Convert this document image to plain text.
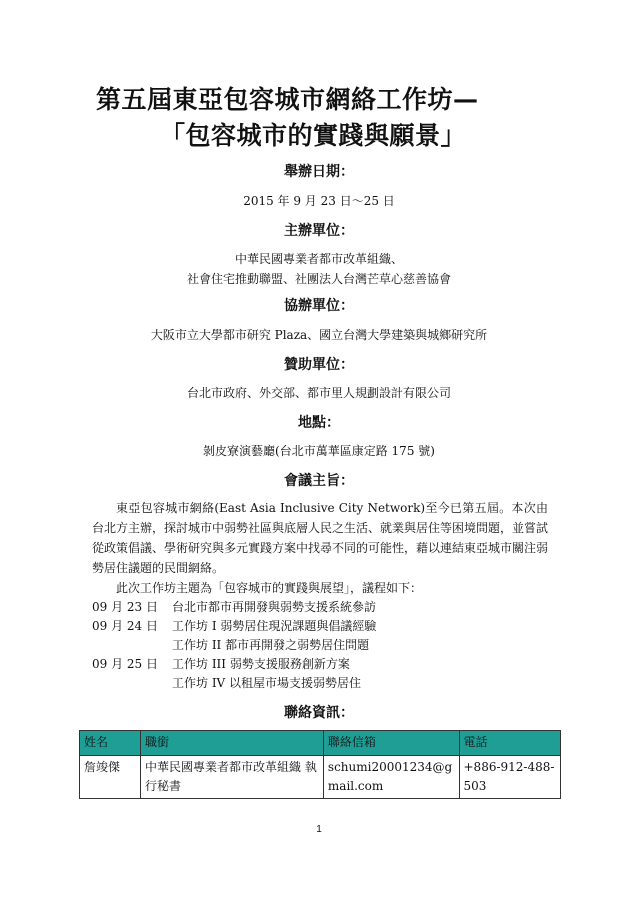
第五屆東亞包容城市網絡工作坊—
「包容城市的實踐與願景」
舉辦日期：
2015 年 9 月 23 日～25 日
主辦單位：
中華民國專業者都市改革組織、
社會住宅推動聯盟、社團法人台灣芒草心慈善協會
協辦單位：
大阪市立大學都市研究 Plaza、國立台灣大學建築與城鄉研究所
贊助單位：
台北市政府、外交部、都市里人規劃設計有限公司
地點：
剝皮寮演藝廳(台北市萬華區康定路 175 號)
會議主旨：
東亞包容城市網絡(East Asia Inclusive City Network)至今已第五屆。本次由台北方主辦，探討城市中弱勢社區與底層人民之生活、就業與居住等困境問題，並嘗試從政策倡議、學術研究與多元實踐方案中找尋不同的可能性，藉以連結東亞城市關注弱勢居住議題的民間網絡。
此次工作坊主題為「包容城市的實踐與展望」，議程如下：
09 月 23 日	台北市都市再開發與弱勢支援系統參訪
09 月 24 日	工作坊 I 弱勢居住現況課題與倡議經驗
工作坊 II 都市再開發之弱勢居住問題
09 月 25 日	工作坊 III 弱勢支援服務創新方案
工作坊 IV 以租屋市場支援弱勢居住
聯絡資訊：
姓名	職銜	聯絡信箱	電話
詹竣傑	中華民國專業者都市改革組織 執行秘書	schumi20001234@gmail.com	+886-912-488-503
1
